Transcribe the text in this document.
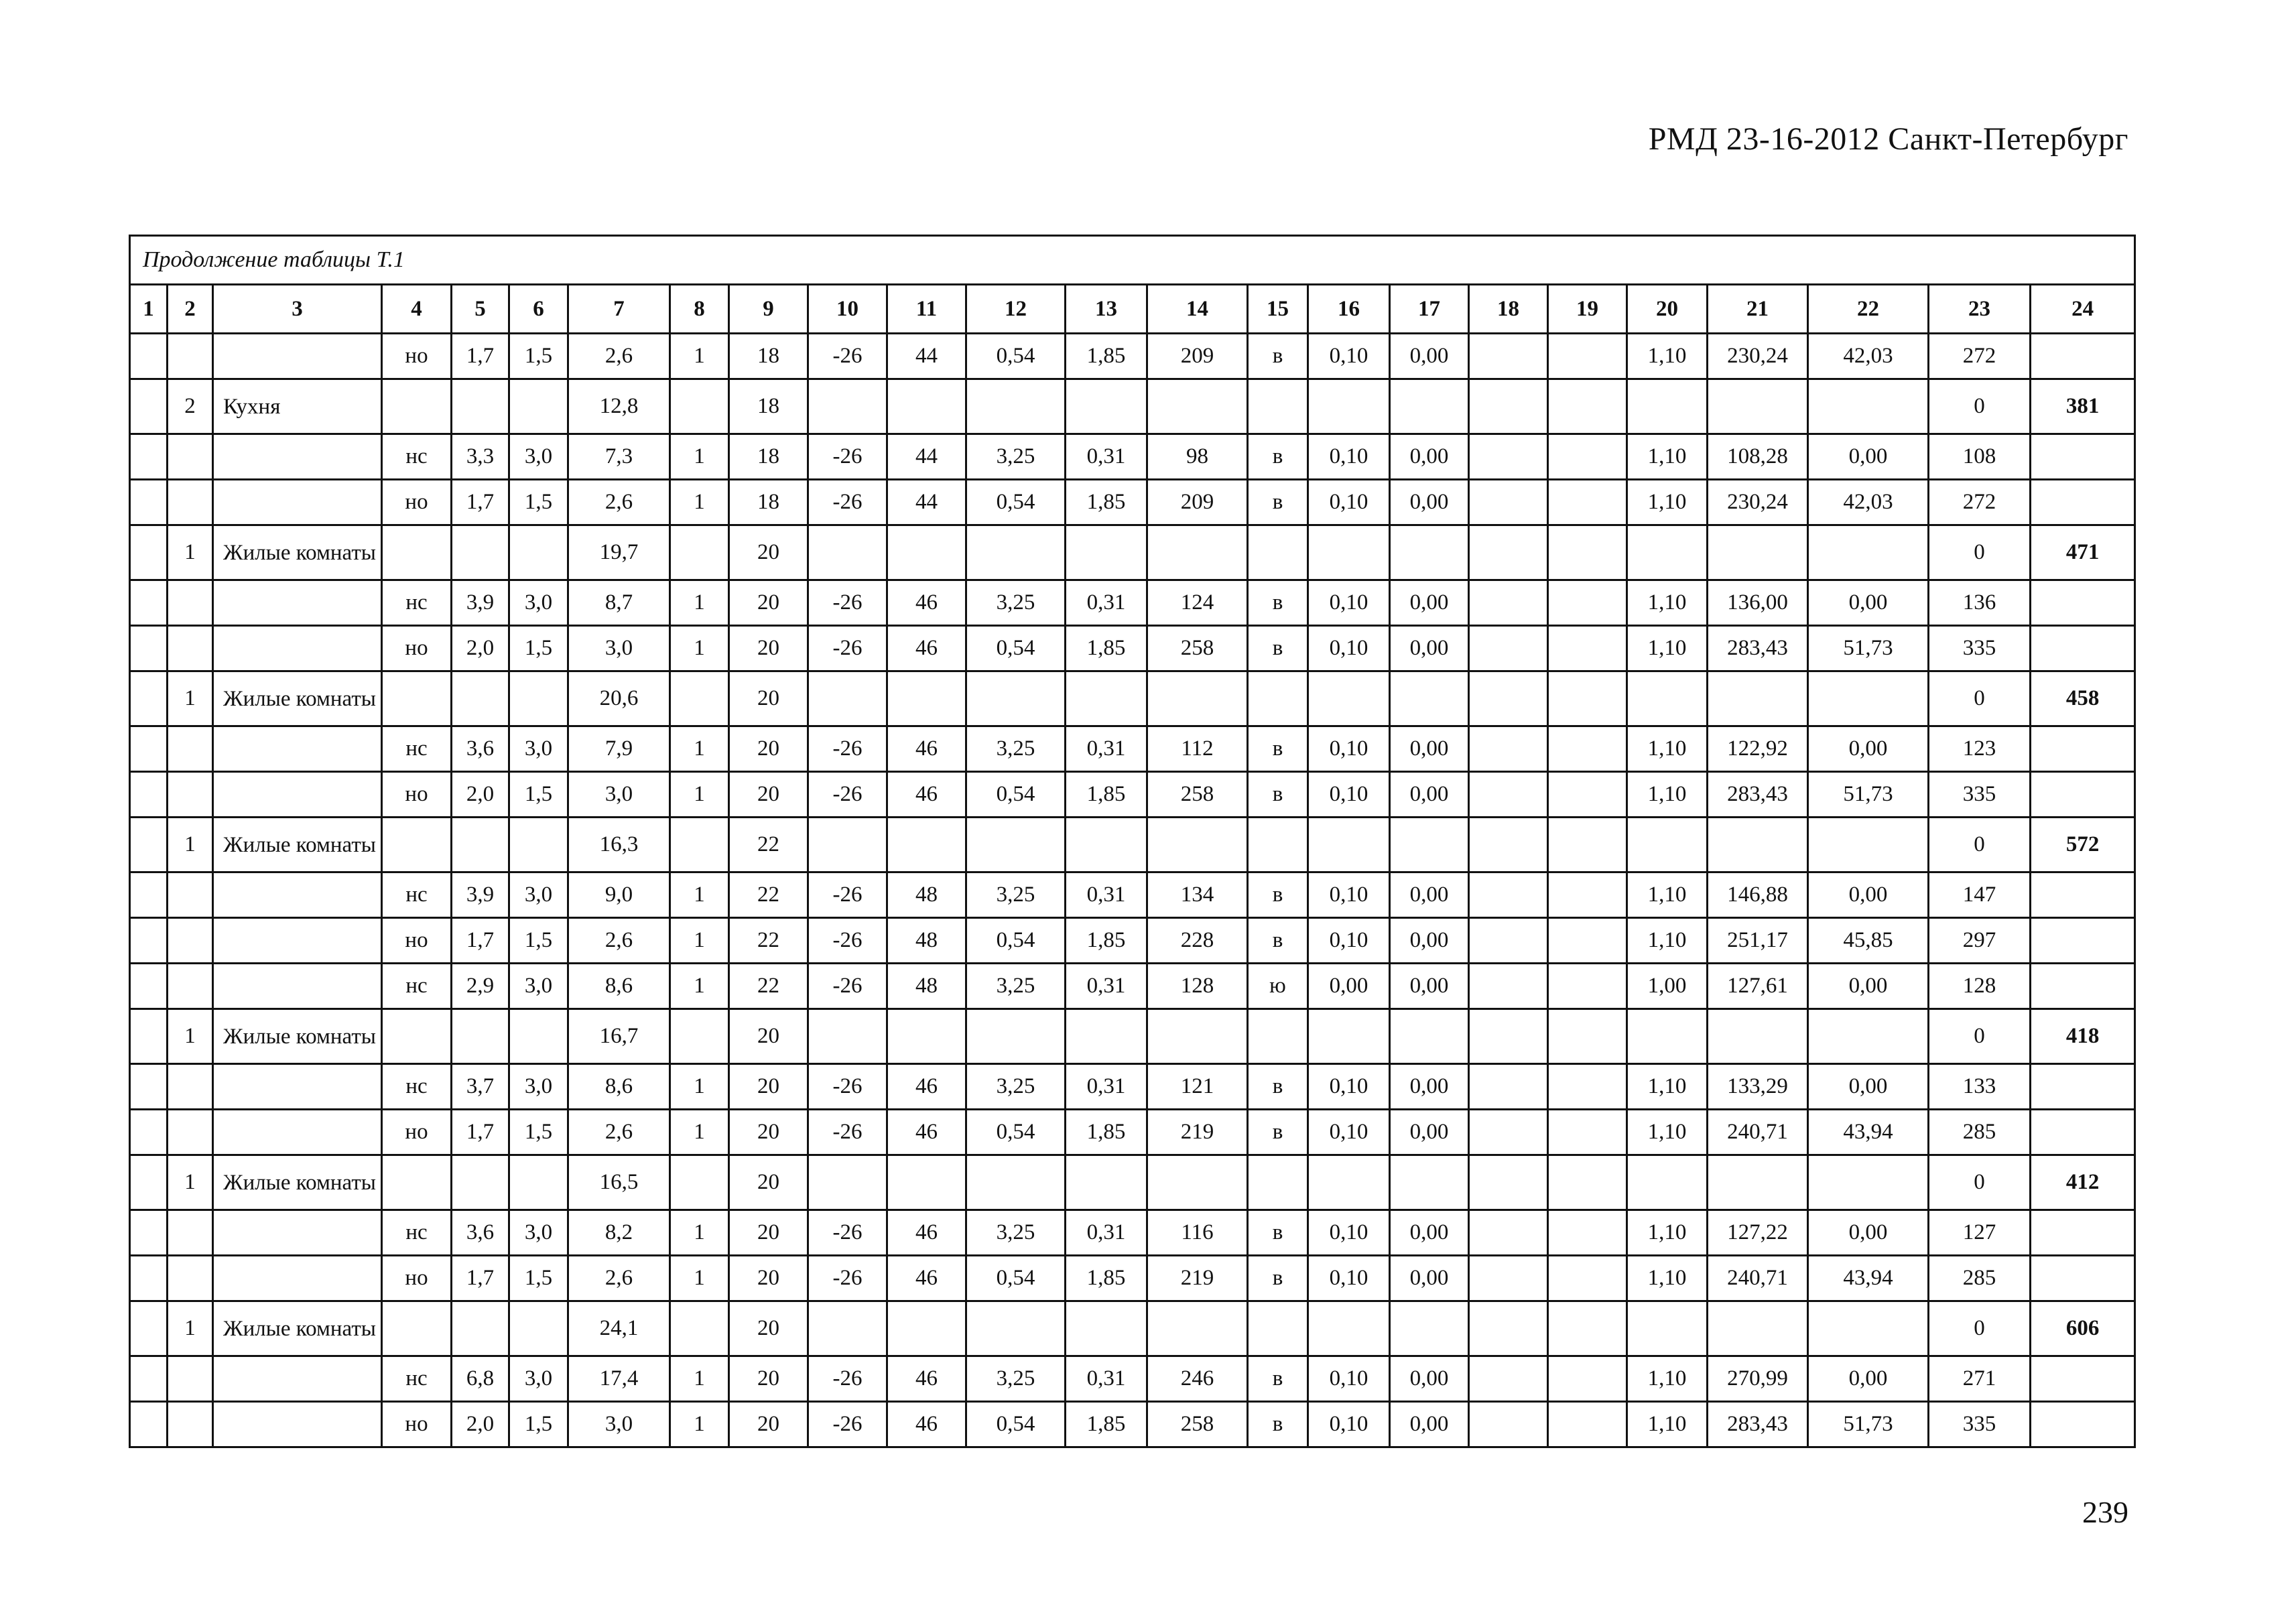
РМД 23-16-2012 Санкт-Петербург
Продолжение таблицы Т.1																							
1	2	3	4	5	6	7	8	9	10	11	12	13	14	15	16	17	18	19	20	21	22	23	24
			но	1,7	1,5	2,6	1	18	-26	44	0,54	1,85	209	в	0,10	0,00			1,10	230,24	42,03	272	
	2	Кухня				12,8		18														0	381
			нс	3,3	3,0	7,3	1	18	-26	44	3,25	0,31	98	в	0,10	0,00			1,10	108,28	0,00	108	
			но	1,7	1,5	2,6	1	18	-26	44	0,54	1,85	209	в	0,10	0,00			1,10	230,24	42,03	272	
	1	Жилые комнаты				19,7		20														0	471
			нс	3,9	3,0	8,7	1	20	-26	46	3,25	0,31	124	в	0,10	0,00			1,10	136,00	0,00	136	
			но	2,0	1,5	3,0	1	20	-26	46	0,54	1,85	258	в	0,10	0,00			1,10	283,43	51,73	335	
	1	Жилые комнаты				20,6		20														0	458
			нс	3,6	3,0	7,9	1	20	-26	46	3,25	0,31	112	в	0,10	0,00			1,10	122,92	0,00	123	
			но	2,0	1,5	3,0	1	20	-26	46	0,54	1,85	258	в	0,10	0,00			1,10	283,43	51,73	335	
	1	Жилые комнаты				16,3		22														0	572
			нс	3,9	3,0	9,0	1	22	-26	48	3,25	0,31	134	в	0,10	0,00			1,10	146,88	0,00	147	
			но	1,7	1,5	2,6	1	22	-26	48	0,54	1,85	228	в	0,10	0,00			1,10	251,17	45,85	297	
			нс	2,9	3,0	8,6	1	22	-26	48	3,25	0,31	128	ю	0,00	0,00			1,00	127,61	0,00	128	
	1	Жилые комнаты				16,7		20														0	418
			нс	3,7	3,0	8,6	1	20	-26	46	3,25	0,31	121	в	0,10	0,00			1,10	133,29	0,00	133	
			но	1,7	1,5	2,6	1	20	-26	46	0,54	1,85	219	в	0,10	0,00			1,10	240,71	43,94	285	
	1	Жилые комнаты				16,5		20														0	412
			нс	3,6	3,0	8,2	1	20	-26	46	3,25	0,31	116	в	0,10	0,00			1,10	127,22	0,00	127	
			но	1,7	1,5	2,6	1	20	-26	46	0,54	1,85	219	в	0,10	0,00			1,10	240,71	43,94	285	
	1	Жилые комнаты				24,1		20														0	606
			нс	6,8	3,0	17,4	1	20	-26	46	3,25	0,31	246	в	0,10	0,00			1,10	270,99	0,00	271	
			но	2,0	1,5	3,0	1	20	-26	46	0,54	1,85	258	в	0,10	0,00			1,10	283,43	51,73	335	
239
